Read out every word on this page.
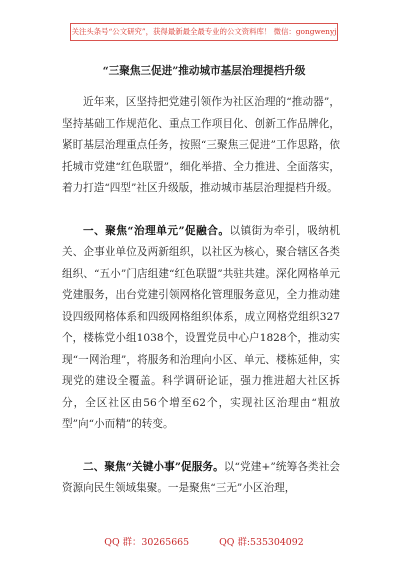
关注头条号“公文研究”，获得最新最全最专业的公文资料库！ 微信：gongwenyj
“三聚焦三促进”推动城市基层治理提档升级

近年来，区坚持把党建引领作为社区治理的“推动器”，坚持基础工作规范化、重点工作项目化、创新工作品牌化，紧盯基层治理重点任务，按照“三聚焦三促进”工作思路，依托城市党建“红色联盟”，细化举措、全力推进、全面落实，着力打造“四型”社区升级版，推动城市基层治理提档升级。

一、聚焦“治理单元”促融合。以镇街为牵引，吸纳机关、企事业单位及两新组织，以社区为核心，聚合辖区各类组织、“五小”门店组建“红色联盟”共驻共建。深化网格单元党建服务，出台党建引领网格化管理服务意见，全力推动建设四级网格体系和四级网格组织体系，成立网格党组织327个，楼栋党小组1038个，设置党员中心户1828个，推动实现“一网治理”，将服务和治理向小区、单元、楼栋延伸，实现党的建设全覆盖。科学调研论证，强力推进超大社区拆分，全区社区由56个增至62个，实现社区治理由“粗放型”向“小而精”的转变。

二、聚焦“关键小事”促服务。以“党建+”统筹各类社会资源向民生领域集聚。一是聚焦“三无”小区治理，

QQ 群：30265665	QQ 群:535304092
